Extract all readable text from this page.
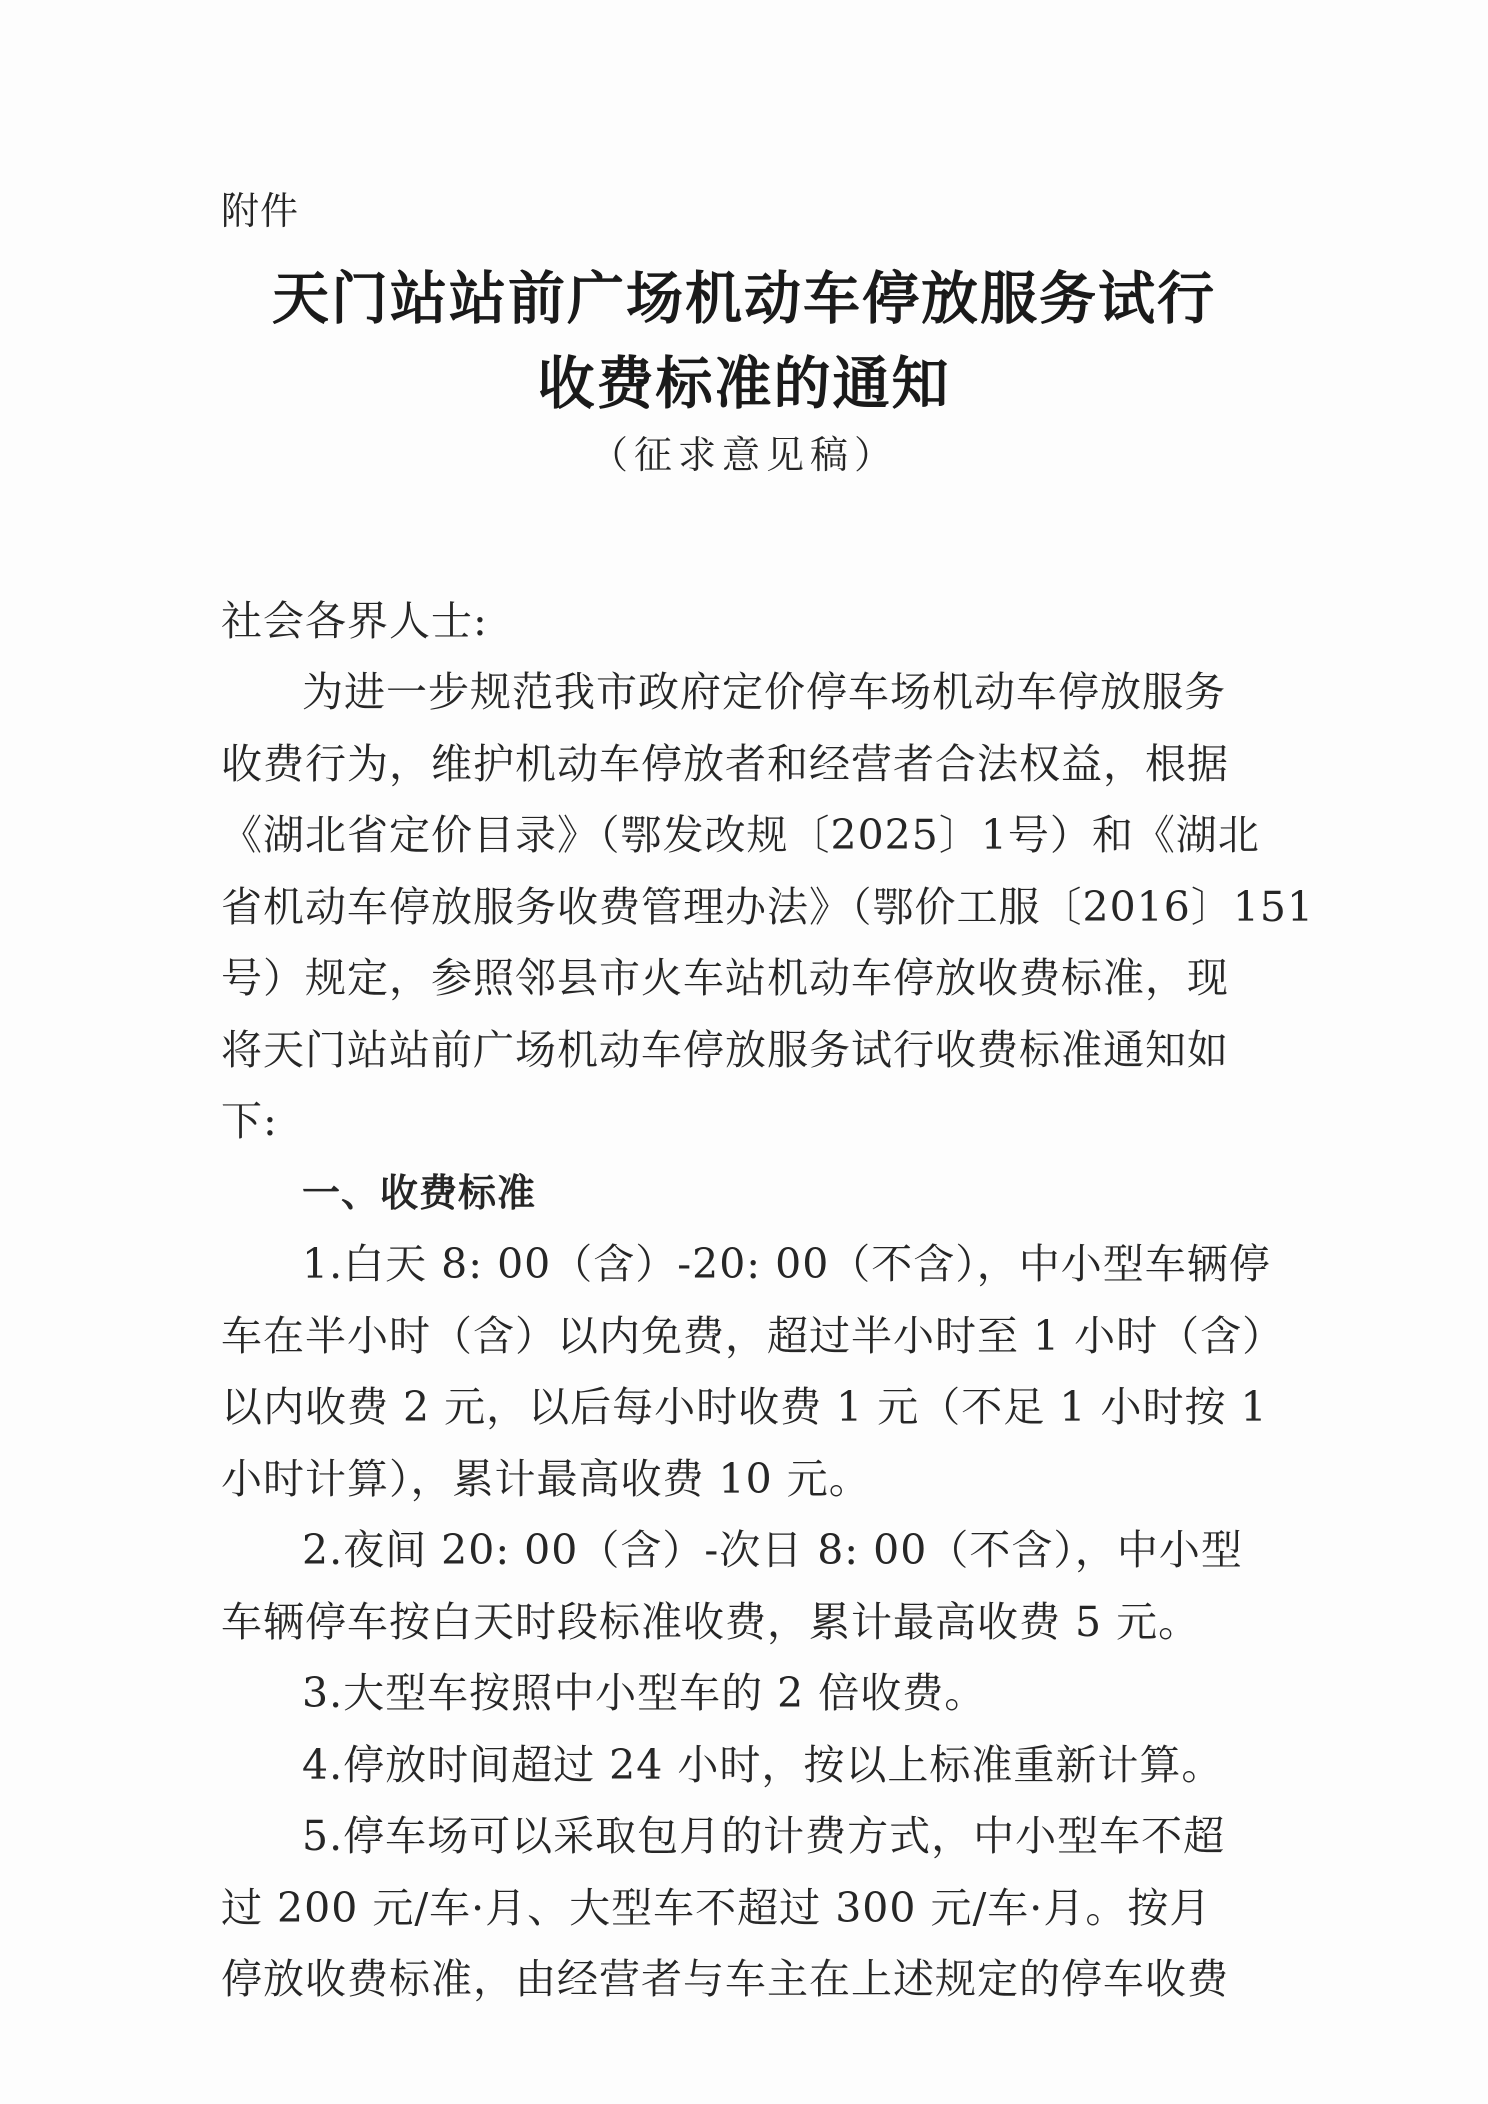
附件
天门站站前广场机动车停放服务试行
收费标准的通知
（征求意见稿）
社会各界人士:
为进一步规范我市政府定价停车场机动车停放服务
收费行为，维护机动车停放者和经营者合法权益，根据
《湖北省定价目录》（鄂发改规〔2025〕1号）和《湖北
省机动车停放服务收费管理办法》（鄂价工服〔2016〕151
号）规定，参照邻县市火车站机动车停放收费标准，现
将天门站站前广场机动车停放服务试行收费标准通知如
下:
一、收费标准
1.白天 8: 00（含）-20: 00（不含），中小型车辆停
车在半小时（含）以内免费，超过半小时至 1 小时（含）
以内收费 2 元，以后每小时收费 1 元（不足 1 小时按 1
小时计算），累计最高收费 10 元。
2.夜间 20: 00（含）-次日 8: 00（不含），中小型
车辆停车按白天时段标准收费，累计最高收费 5 元。
3.大型车按照中小型车的 2 倍收费。
4.停放时间超过 24 小时，按以上标准重新计算。
5.停车场可以采取包月的计费方式，中小型车不超
过 200 元/车·月、大型车不超过 300 元/车·月。按月
停放收费标准，由经营者与车主在上述规定的停车收费
